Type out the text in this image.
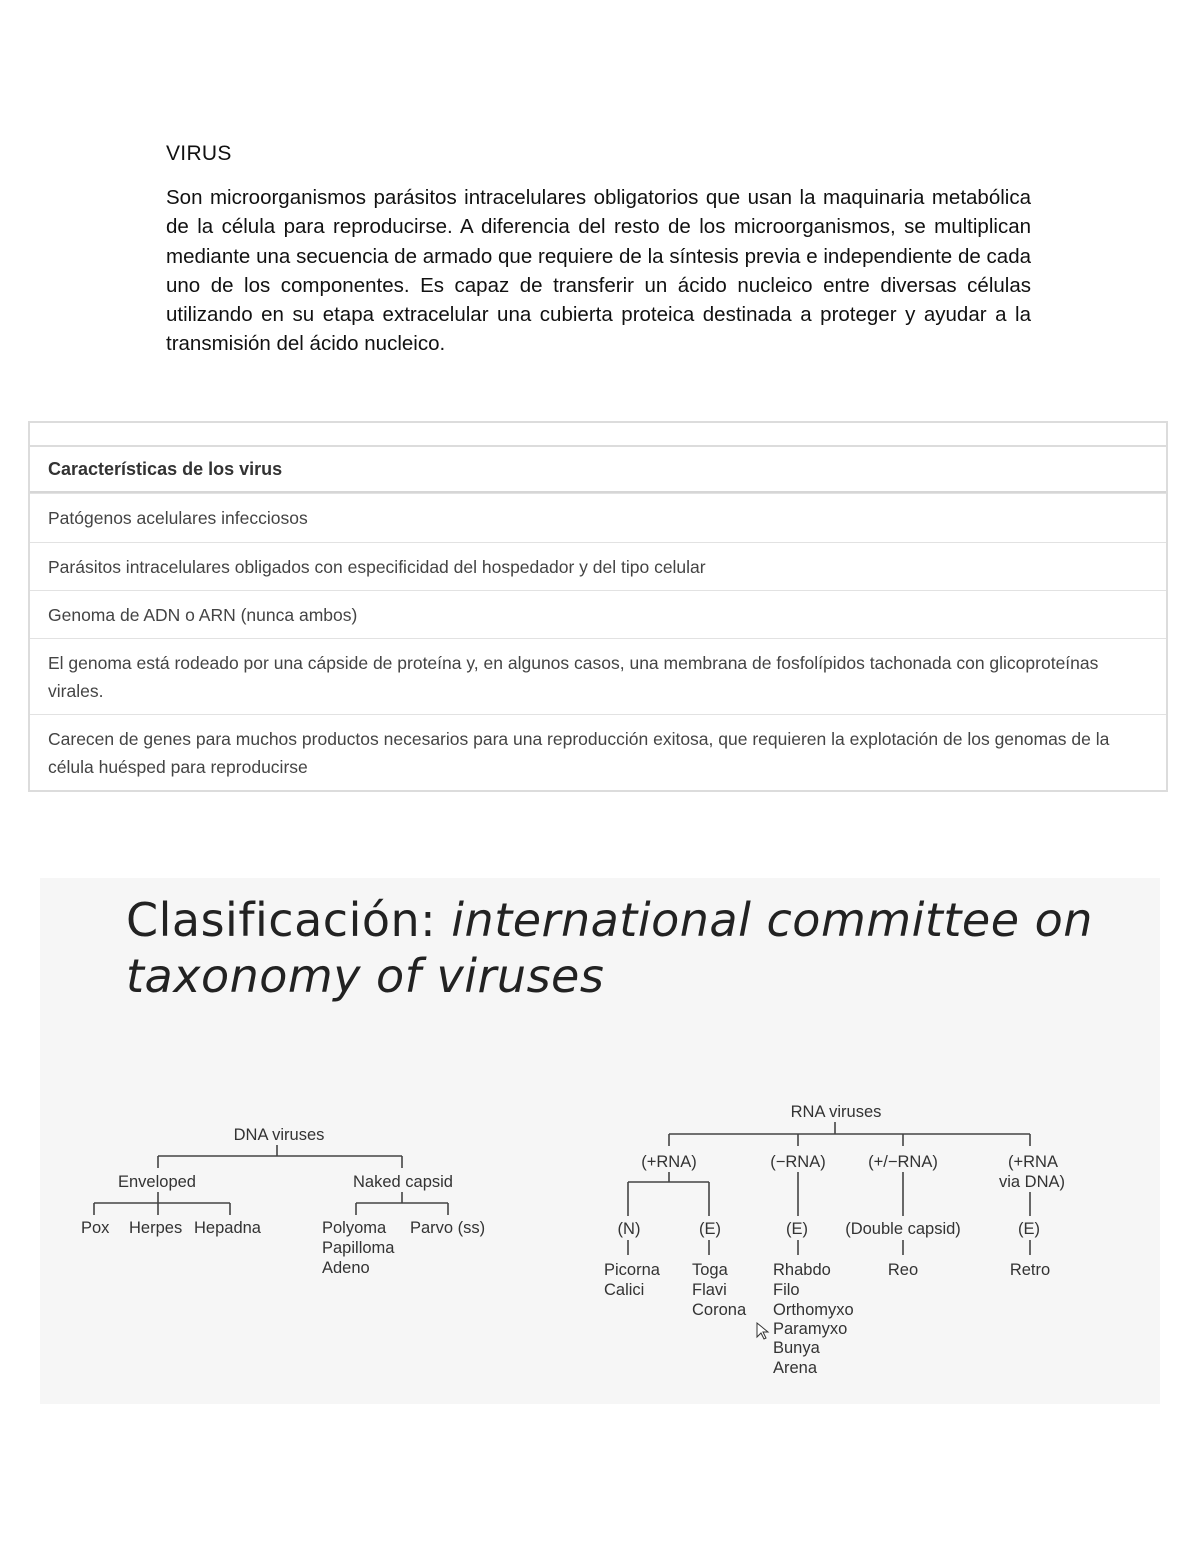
VIRUS

Son microorganismos parásitos intracelulares obligatorios que usan la maquinaria metabólica de la célula para reproducirse. A diferencia del resto de los microorganismos, se multiplican mediante una secuencia de armado que requiere de la síntesis previa e independiente de cada uno de los componentes. Es capaz de transferir un ácido nucleico entre diversas células utilizando en su etapa extracelular una cubierta proteica destinada a proteger y ayudar a la transmisión del ácido nucleico.

Características de los virus
Patógenos acelulares infecciosos
Parásitos intracelulares obligados con especificidad del hospedador y del tipo celular
Genoma de ADN o ARN (nunca ambos)
El genoma está rodeado por una cápside de proteína y, en algunos casos, una membrana de fosfolípidos tachonada con glicoproteínas virales.
Carecen de genes para muchos productos necesarios para una reproducción exitosa, que requieren la explotación de los genomas de la célula huésped para reproducirse
Clasificación: international committee on taxonomy of viruses
DNA viruses
Enveloped	Naked capsid
Pox Herpes Hepadna	Polyoma
Papilloma
Adeno
Parvo (ss)
RNA viruses
(+RNA)	(−RNA)	(+/−RNA)	(+RNA
via DNA)
(N)	(E)	(E) (Double capsid)	(E)
Picorna
Calici
Toga
Flavi
Corona
Rhabdo
Filo
Orthomyxo
Paramyxo
Bunya
Arena
Reo	Retro
